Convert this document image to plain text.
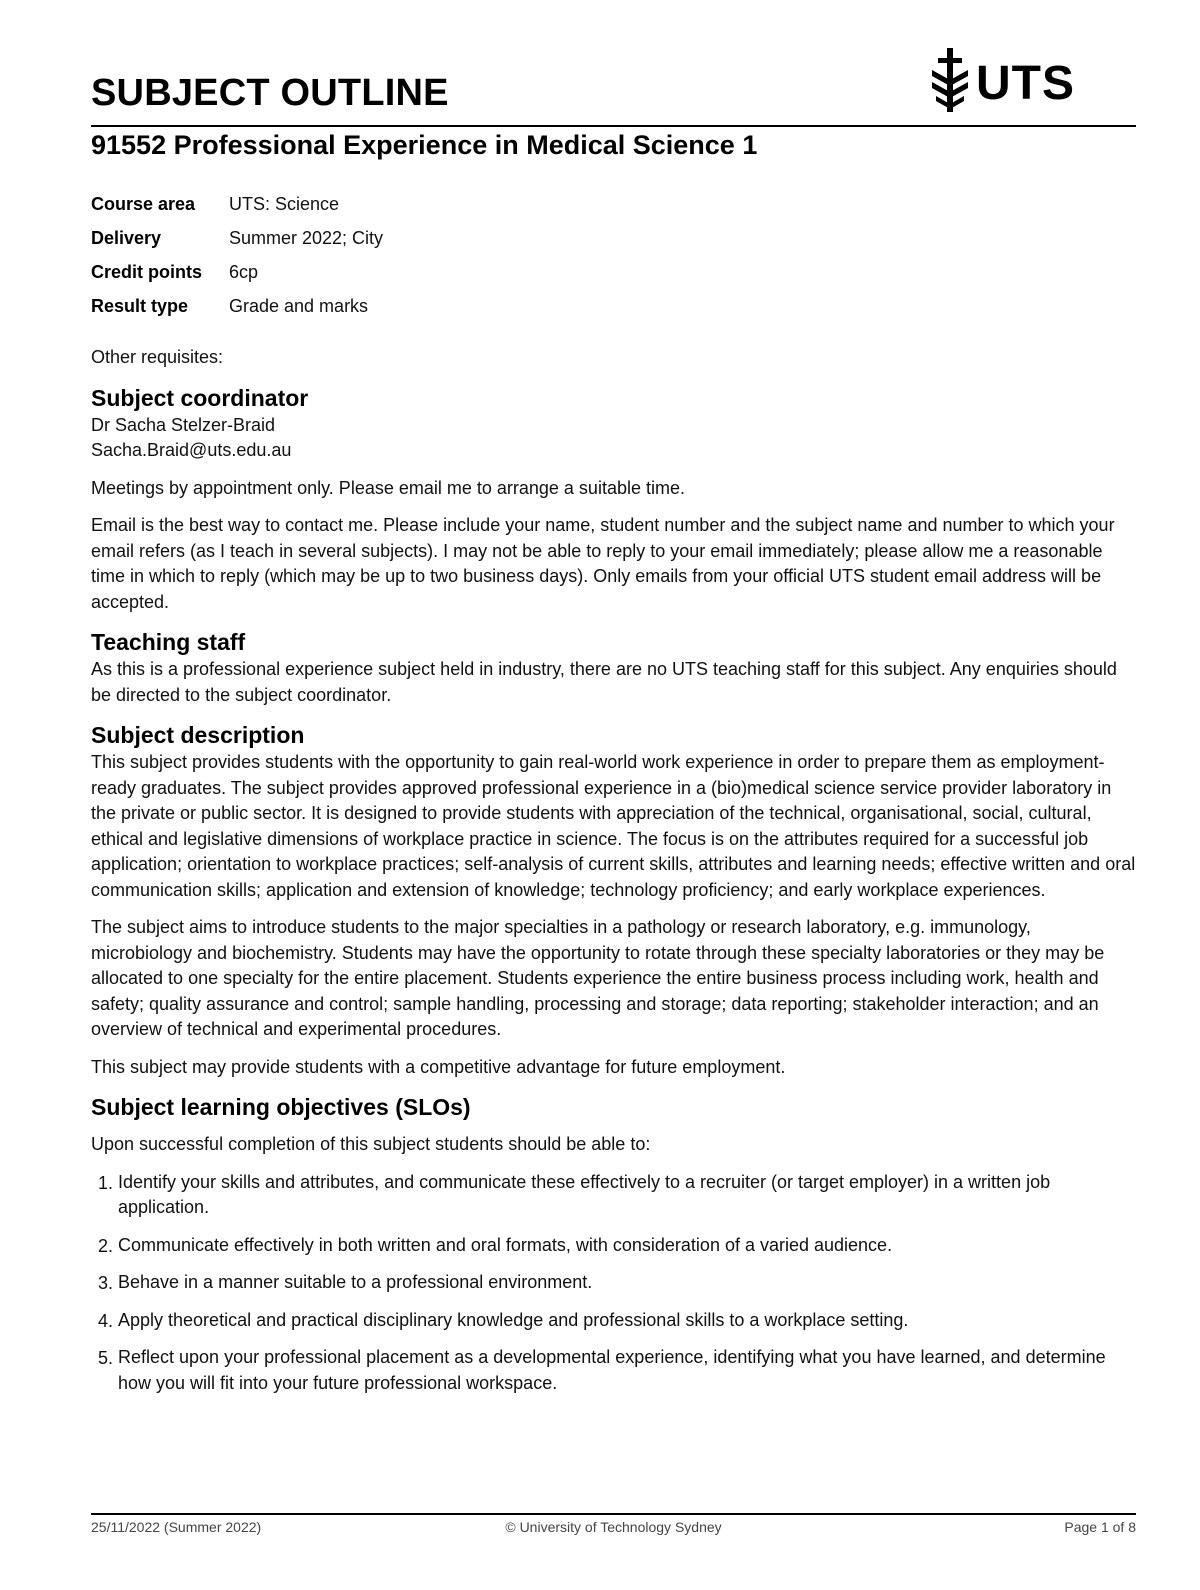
SUBJECT OUTLINE	UTS
91552 Professional Experience in Medical Science 1
Course area	UTS: Science
Delivery	Summer 2022; City
Credit points	6cp
Result type	Grade and marks

Other requisites:

Subject coordinator
Dr Sacha Stelzer-Braid
Sacha.Braid@uts.edu.au

Meetings by appointment only. Please email me to arrange a suitable time.

Email is the best way to contact me. Please include your name, student number and the subject name and number to which your email refers (as I teach in several subjects). I may not be able to reply to your email immediately; please allow me a reasonable time in which to reply (which may be up to two business days). Only emails from your official UTS student email address will be accepted.

Teaching staff

As this is a professional experience subject held in industry, there are no UTS teaching staff for this subject. Any enquiries should be directed to the subject coordinator.

Subject description

This subject provides students with the opportunity to gain real-world work experience in order to prepare them as employment-ready graduates. The subject provides approved professional experience in a (bio)medical science service provider laboratory in the private or public sector. It is designed to provide students with appreciation of the technical, organisational, social, cultural, ethical and legislative dimensions of workplace practice in science. The focus is on the attributes required for a successful job application; orientation to workplace practices; self-analysis of current skills, attributes and learning needs; effective written and oral communication skills; application and extension of knowledge; technology proficiency; and early workplace experiences.

The subject aims to introduce students to the major specialties in a pathology or research laboratory, e.g. immunology, microbiology and biochemistry. Students may have the opportunity to rotate through these specialty laboratories or they may be allocated to one specialty for the entire placement. Students experience the entire business process including work, health and safety; quality assurance and control; sample handling, processing and storage; data reporting; stakeholder interaction; and an overview of technical and experimental procedures.

This subject may provide students with a competitive advantage for future employment.

Subject learning objectives (SLOs)

Upon successful completion of this subject students should be able to:

1. Identify your skills and attributes, and communicate these effectively to a recruiter (or target employer) in a written job application.
2. Communicate effectively in both written and oral formats, with consideration of a varied audience.
3. Behave in a manner suitable to a professional environment.
4. Apply theoretical and practical disciplinary knowledge and professional skills to a workplace setting.
5. Reflect upon your professional placement as a developmental experience, identifying what you have learned, and determine how you will fit into your future professional workspace.
25/11/2022 (Summer 2022)	© University of Technology Sydney	Page 1 of 8
